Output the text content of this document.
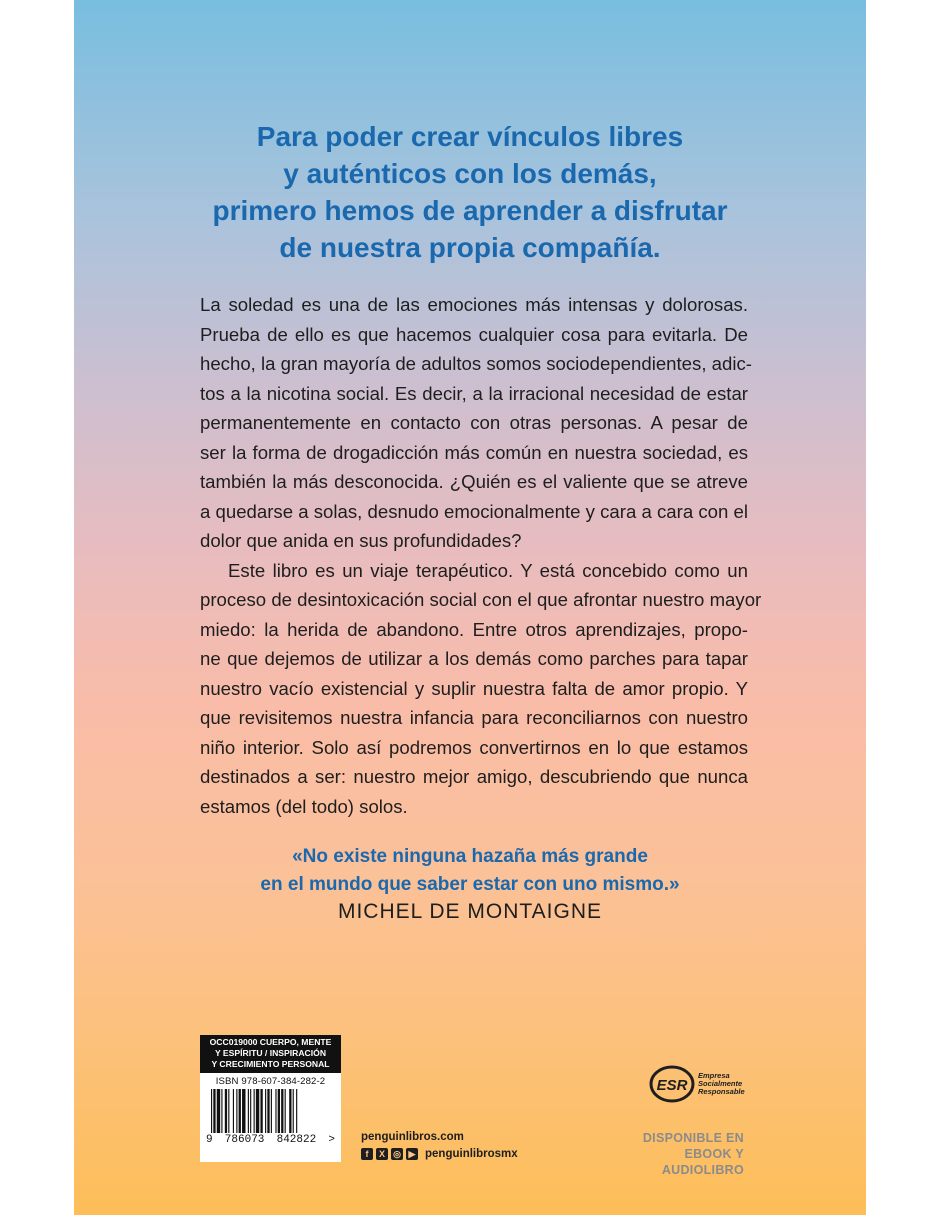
Para poder crear vínculos libres
y auténticos con los demás,
primero hemos de aprender a disfrutar
de nuestra propia compañía.
La soledad es una de las emociones más intensas y dolorosas.
Prueba de ello es que hacemos cualquier cosa para evitarla. De
hecho, la gran mayoría de adultos somos sociodependientes, adic-
tos a la nicotina social. Es decir, a la irracional necesidad de estar
permanentemente en contacto con otras personas. A pesar de
ser la forma de drogadicción más común en nuestra sociedad, es
también la más desconocida. ¿Quién es el valiente que se atreve
a quedarse a solas, desnudo emocionalmente y cara a cara con el
dolor que anida en sus profundidades?
Este libro es un viaje terapéutico. Y está concebido como un
proceso de desintoxicación social con el que afrontar nuestro mayor
miedo: la herida de abandono. Entre otros aprendizajes, propo-
ne que dejemos de utilizar a los demás como parches para tapar
nuestro vacío existencial y suplir nuestra falta de amor propio. Y
que revisitemos nuestra infancia para reconciliarnos con nuestro
niño interior. Solo así podremos convertirnos en lo que estamos
destinados a ser: nuestro mejor amigo, descubriendo que nunca
estamos (del todo) solos.

«No existe ninguna hazaña más grande
en el mundo que saber estar con uno mismo.»

MICHEL DE MONTAIGNE
OCC019000 CUERPO, MENTE
Y ESPÍRITU / INSPIRACIÓN
Y CRECIMIENTO PERSONAL
ISBN 978-607-384-282-2
9 786073 842822 > penguinlibros.com
f	X ◎ ▶ penguinlibrosmx
ESR
Empresa
Socialmente
Responsable
DISPONIBLE EN
EBOOK Y AUDIOLIBRO
